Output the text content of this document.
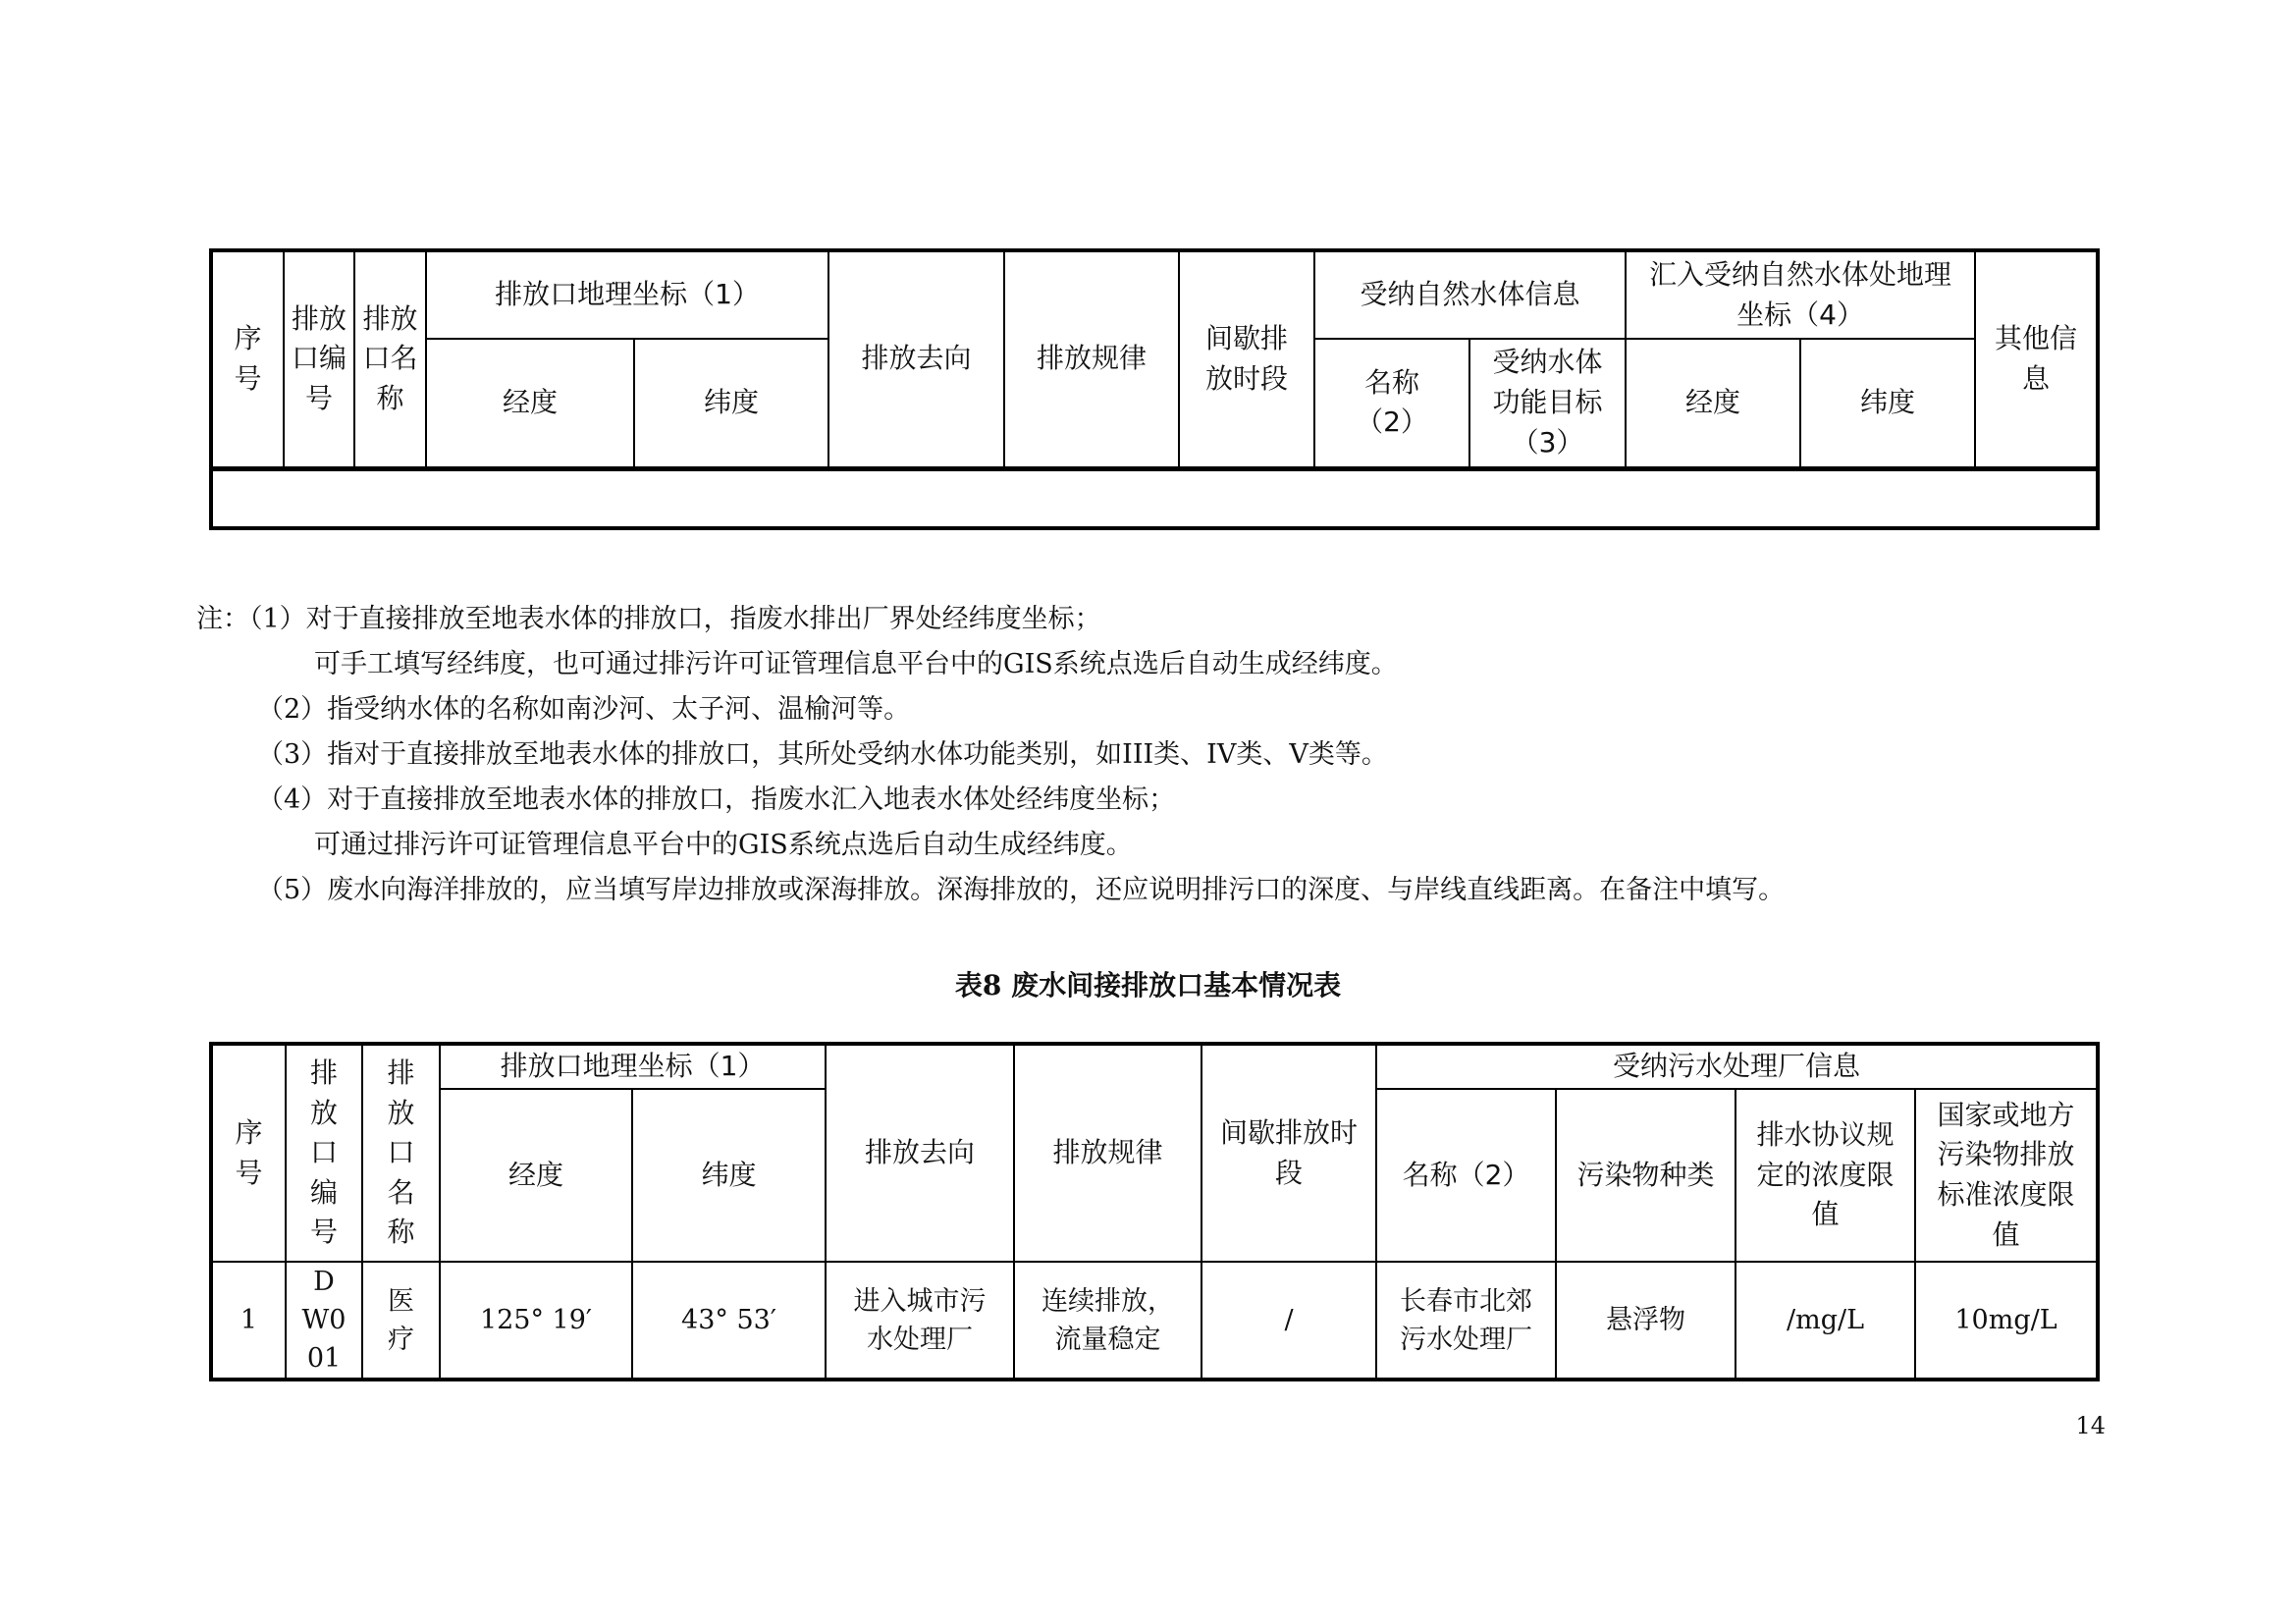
序号	排放口编号	排放口名称	排放口地理坐标（1）		排放去向	排放规律	间歇排放时段	受纳自然水体信息		汇入受纳自然水体处地理坐标（4）		其他信息
			经度	纬度				名称（2）	受纳水体功能目标（3）	经度	纬度	

注：（1）对于直接排放至地表水体的排放口，指废水排出厂界处经纬度坐标；
可手工填写经纬度，也可通过排污许可证管理信息平台中的GIS系统点选后自动生成经纬度。
（2）指受纳水体的名称如南沙河、太子河、温榆河等。
（3）指对于直接排放至地表水体的排放口，其所处受纳水体功能类别，如III类、IV类、V类等。
（4）对于直接排放至地表水体的排放口，指废水汇入地表水体处经纬度坐标；
可通过排污许可证管理信息平台中的GIS系统点选后自动生成经纬度。
（5）废水向海洋排放的，应当填写岸边排放或深海排放。深海排放的，还应说明排污口的深度、与岸线直线距离。在备注中填写。
表8 废水间接排放口基本情况表
序号	排放口编号	排放口名称	排放口地理坐标（1）		排放去向	排放规律	间歇排放时段	受纳污水处理厂信息			
			经度	纬度				名称（2）	污染物种类	排水协议规定的浓度限值	国家或地方污染物排放标准浓度限值
1	DW001	医疗	125° 19′	43° 53′	进入城市污水处理厂	连续排放，流量稳定	/	长春市北郊污水处理厂	悬浮物	/mg/L	10mg/L
14
